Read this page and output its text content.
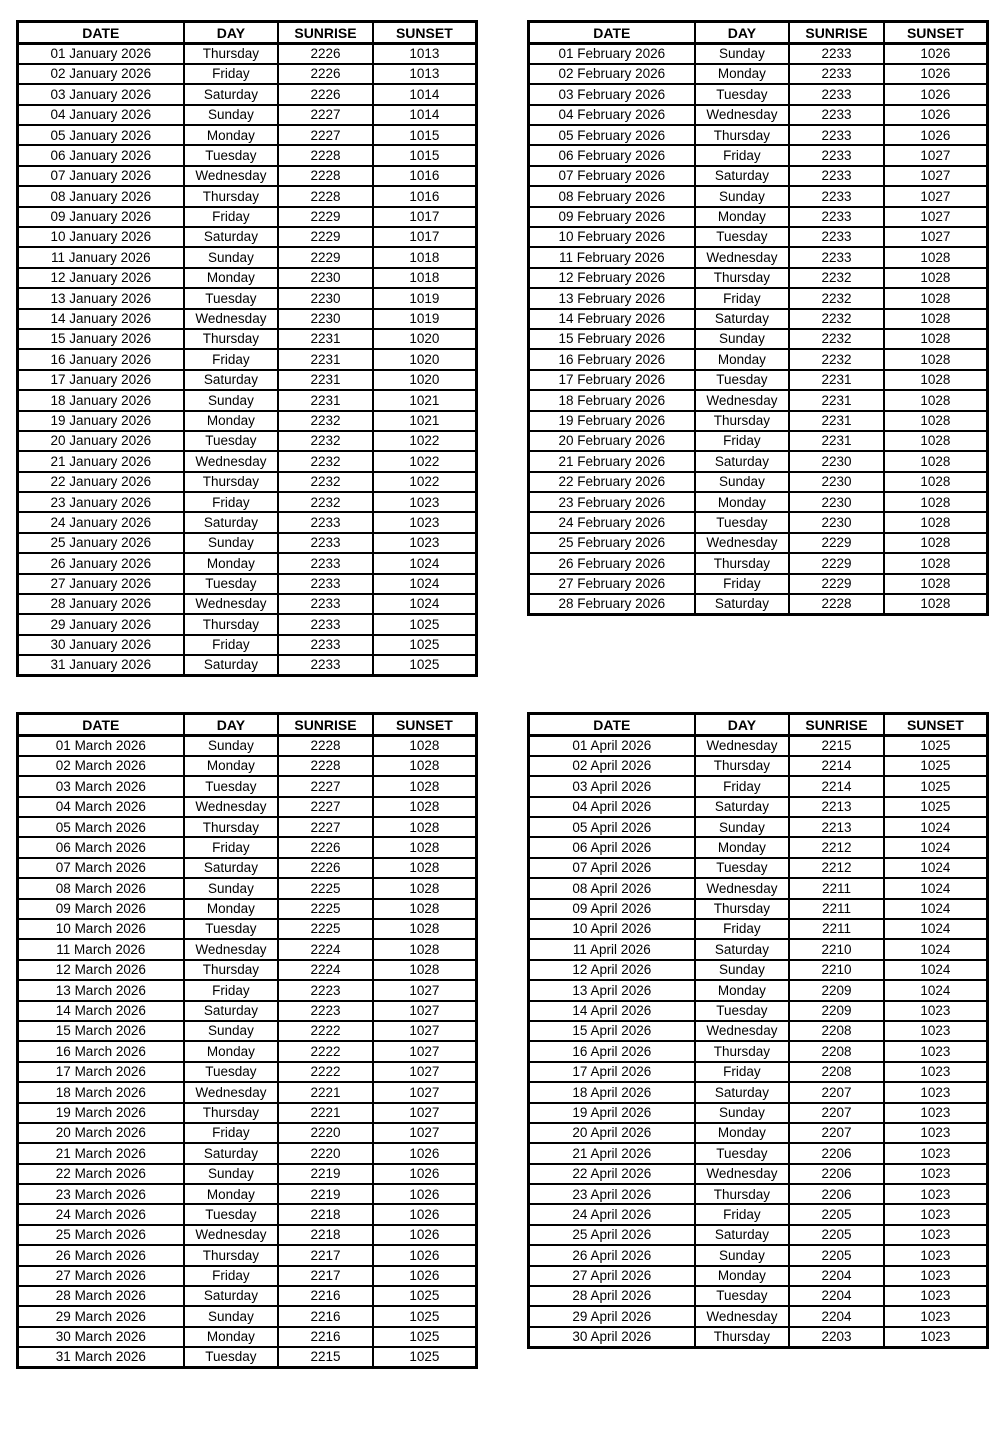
DATE	DAY	SUNRISE	SUNSET
01 January 2026	Thursday	2226	1013
02 January 2026	Friday	2226	1013
03 January 2026	Saturday	2226	1014
04 January 2026	Sunday	2227	1014
05 January 2026	Monday	2227	1015
06 January 2026	Tuesday	2228	1015
07 January 2026	Wednesday	2228	1016
08 January 2026	Thursday	2228	1016
09 January 2026	Friday	2229	1017
10 January 2026	Saturday	2229	1017
11 January 2026	Sunday	2229	1018
12 January 2026	Monday	2230	1018
13 January 2026	Tuesday	2230	1019
14 January 2026	Wednesday	2230	1019
15 January 2026	Thursday	2231	1020
16 January 2026	Friday	2231	1020
17 January 2026	Saturday	2231	1020
18 January 2026	Sunday	2231	1021
19 January 2026	Monday	2232	1021
20 January 2026	Tuesday	2232	1022
21 January 2026	Wednesday	2232	1022
22 January 2026	Thursday	2232	1022
23 January 2026	Friday	2232	1023
24 January 2026	Saturday	2233	1023
25 January 2026	Sunday	2233	1023
26 January 2026	Monday	2233	1024
27 January 2026	Tuesday	2233	1024
28 January 2026	Wednesday	2233	1024
29 January 2026	Thursday	2233	1025
30 January 2026	Friday	2233	1025
31 January 2026	Saturday	2233	1025
DATE	DAY	SUNRISE	SUNSET
01 February 2026	Sunday	2233	1026
02 February 2026	Monday	2233	1026
03 February 2026	Tuesday	2233	1026
04 February 2026	Wednesday	2233	1026
05 February 2026	Thursday	2233	1026
06 February 2026	Friday	2233	1027
07 February 2026	Saturday	2233	1027
08 February 2026	Sunday	2233	1027
09 February 2026	Monday	2233	1027
10 February 2026	Tuesday	2233	1027
11 February 2026	Wednesday	2233	1028
12 February 2026	Thursday	2232	1028
13 February 2026	Friday	2232	1028
14 February 2026	Saturday	2232	1028
15 February 2026	Sunday	2232	1028
16 February 2026	Monday	2232	1028
17 February 2026	Tuesday	2231	1028
18 February 2026	Wednesday	2231	1028
19 February 2026	Thursday	2231	1028
20 February 2026	Friday	2231	1028
21 February 2026	Saturday	2230	1028
22 February 2026	Sunday	2230	1028
23 February 2026	Monday	2230	1028
24 February 2026	Tuesday	2230	1028
25 February 2026	Wednesday	2229	1028
26 February 2026	Thursday	2229	1028
27 February 2026	Friday	2229	1028
28 February 2026	Saturday	2228	1028
DATE	DAY	SUNRISE	SUNSET
01 March 2026	Sunday	2228	1028
02 March 2026	Monday	2228	1028
03 March 2026	Tuesday	2227	1028
04 March 2026	Wednesday	2227	1028
05 March 2026	Thursday	2227	1028
06 March 2026	Friday	2226	1028
07 March 2026	Saturday	2226	1028
08 March 2026	Sunday	2225	1028
09 March 2026	Monday	2225	1028
10 March 2026	Tuesday	2225	1028
11 March 2026	Wednesday	2224	1028
12 March 2026	Thursday	2224	1028
13 March 2026	Friday	2223	1027
14 March 2026	Saturday	2223	1027
15 March 2026	Sunday	2222	1027
16 March 2026	Monday	2222	1027
17 March 2026	Tuesday	2222	1027
18 March 2026	Wednesday	2221	1027
19 March 2026	Thursday	2221	1027
20 March 2026	Friday	2220	1027
21 March 2026	Saturday	2220	1026
22 March 2026	Sunday	2219	1026
23 March 2026	Monday	2219	1026
24 March 2026	Tuesday	2218	1026
25 March 2026	Wednesday	2218	1026
26 March 2026	Thursday	2217	1026
27 March 2026	Friday	2217	1026
28 March 2026	Saturday	2216	1025
29 March 2026	Sunday	2216	1025
30 March 2026	Monday	2216	1025
31 March 2026	Tuesday	2215	1025
DATE	DAY	SUNRISE	SUNSET
01 April 2026	Wednesday	2215	1025
02 April 2026	Thursday	2214	1025
03 April 2026	Friday	2214	1025
04 April 2026	Saturday	2213	1025
05 April 2026	Sunday	2213	1024
06 April 2026	Monday	2212	1024
07 April 2026	Tuesday	2212	1024
08 April 2026	Wednesday	2211	1024
09 April 2026	Thursday	2211	1024
10 April 2026	Friday	2211	1024
11 April 2026	Saturday	2210	1024
12 April 2026	Sunday	2210	1024
13 April 2026	Monday	2209	1024
14 April 2026	Tuesday	2209	1023
15 April 2026	Wednesday	2208	1023
16 April 2026	Thursday	2208	1023
17 April 2026	Friday	2208	1023
18 April 2026	Saturday	2207	1023
19 April 2026	Sunday	2207	1023
20 April 2026	Monday	2207	1023
21 April 2026	Tuesday	2206	1023
22 April 2026	Wednesday	2206	1023
23 April 2026	Thursday	2206	1023
24 April 2026	Friday	2205	1023
25 April 2026	Saturday	2205	1023
26 April 2026	Sunday	2205	1023
27 April 2026	Monday	2204	1023
28 April 2026	Tuesday	2204	1023
29 April 2026	Wednesday	2204	1023
30 April 2026	Thursday	2203	1023
